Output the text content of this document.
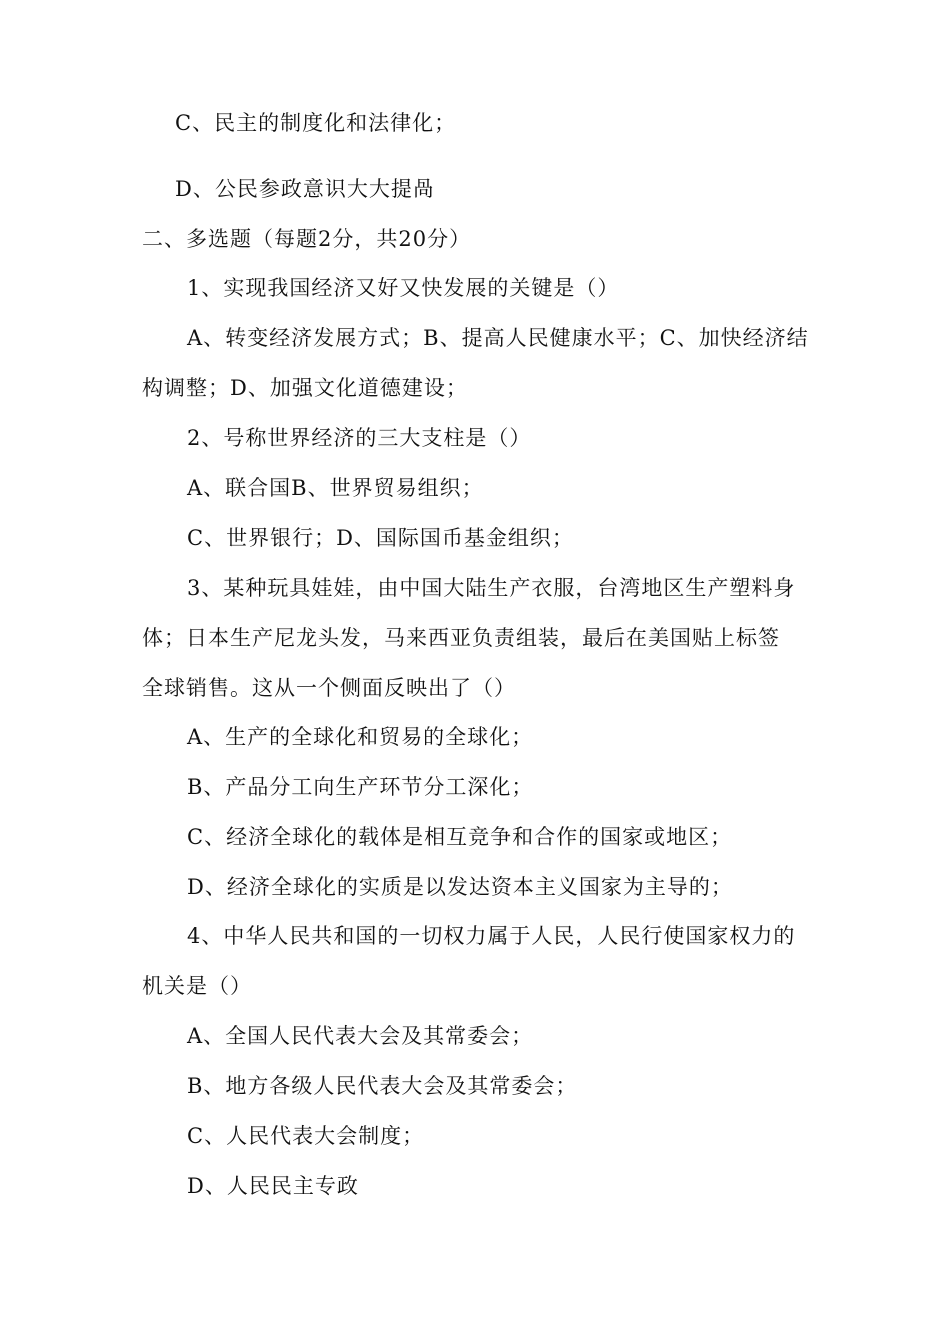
C、民主的制度化和法律化；
D、公民参政意识大大提咼
二、多选题（每题2分，共20分）
1、实现我国经济又好又快发展的关键是（）
A、转变经济发展方式；B、提高人民健康水平；C、加快经济结
构调整；D、加强文化道德建设；
2、号称世界经济的三大支柱是（）
A、联合国B、世界贸易组织；
C、世界银行；D、国际国币基金组织；
3、某种玩具娃娃，由中国大陆生产衣服，台湾地区生产塑料身
体；日本生产尼龙头发，马来西亚负责组装，最后在美国贴上标签
全球销售。这从一个侧面反映出了（）
A、生产的全球化和贸易的全球化；
B、产品分工向生产环节分工深化；
C、经济全球化的载体是相互竞争和合作的国家或地区；
D、经济全球化的实质是以发达资本主义国家为主导的；
4、中华人民共和国的一切权力属于人民，人民行使国家权力的
机关是（）
A、全国人民代表大会及其常委会；
B、地方各级人民代表大会及其常委会；
C、人民代表大会制度；
D、人民民主专政
